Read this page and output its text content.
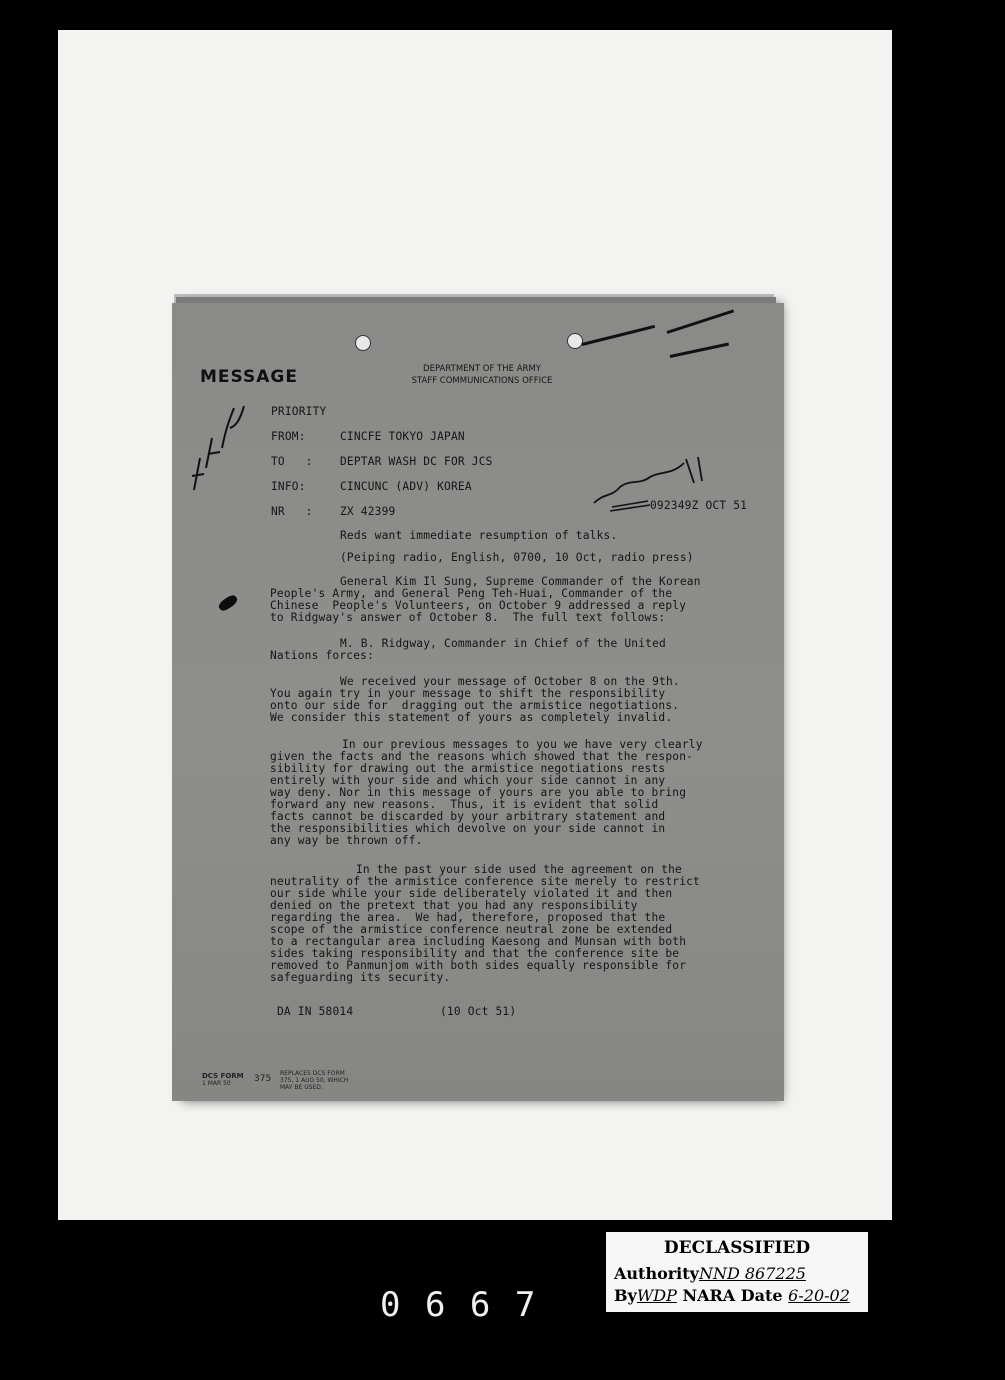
MESSAGE	DEPARTMENT OF THE ARMY
STAFF COMMUNICATIONS OFFICE
PRIORITY
FROM:	CINCFE TOKYO JAPAN
TO   : DEPTAR WASH DC FOR JCS
INFO:	CINCUNC (ADV) KOREA
NR   : ZX 42399	092349Z OCT 51
Reds want immediate resumption of talks.
(Peiping radio, English, 0700, 10 Oct, radio press)
General Kim Il Sung, Supreme Commander of the Korean
People's Army, and General Peng Teh-Huai, Commander of the
Chinese  People's Volunteers, on October 9 addressed a reply
to Ridgway's answer of October 8.  The full text follows:
M. B. Ridgway, Commander in Chief of the United
Nations forces:
We received your message of October 8 on the 9th.
You again try in your message to shift the responsibility
onto our side for  dragging out the armistice negotiations.
We consider this statement of yours as completely invalid.
In our previous messages to you we have very clearly
given the facts and the reasons which showed that the respon-
sibility for drawing out the armistice negotiations rests
entirely with your side and which your side cannot in any
way deny. Nor in this message of yours are you able to bring
forward any new reasons.  Thus, it is evident that solid
facts cannot be discarded by your arbitrary statement and
the responsibilities which devolve on your side cannot in
any way be thrown off.
In the past your side used the agreement on the
neutrality of the armistice conference site merely to restrict
our side while your side deliberately violated it and then
denied on the pretext that you had any responsibility
regarding the area.  We had, therefore, proposed that the
scope of the armistice conference neutral zone be extended
to a rectangular area including Kaesong and Munsan with both
sides taking responsibility and that the conference site be
removed to Panmunjom with both sides equally responsible for
safeguarding its security.
DA IN 58014	(10 Oct 51)
DCS FORM
1 MAR 50	375
REPLACES DCS FORM
375, 1 AUG 50, WHICH
MAY BE USED.
0 6 6 7
DECLASSIFIED
AuthorityNND 867225
ByWDP NARA Date 6-20-02
